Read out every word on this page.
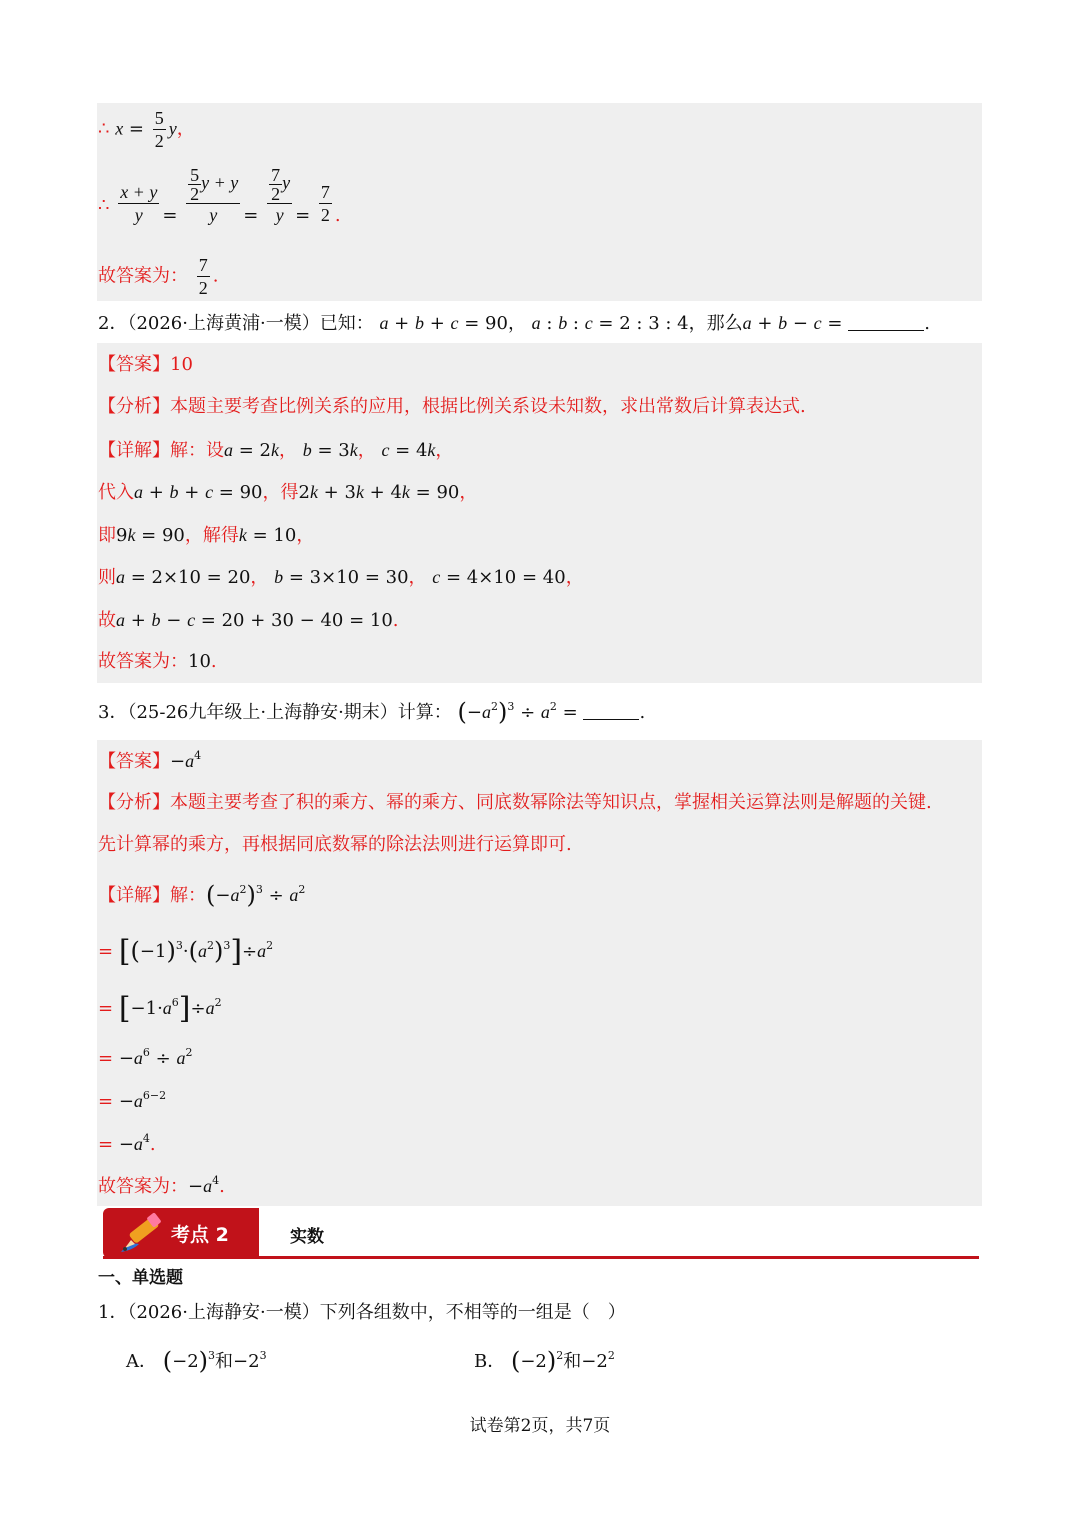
∴ $x = \frac{5}{2}$ y，
∴ $\frac{x + y}{y} = \frac{\frac{5}{2} y + y}{y} = \frac{\frac{7}{2} y}{y} = \frac{7}{2}$ .
故答案为： $\frac{7}{2}$ .
2．（2026·上海黄浦·一模）已知： a + b + c = 90， a : b : c = 2 : 3 : 4，那么a + b − c =	.
【答案】10
【分析】本题主要考查比例关系的应用，根据比例关系设未知数，求出常数后计算表达式.
【详解】解：设a = 2k， b = 3k， c = 4k，
代入a + b + c = 90，得2k + 3k + 4k = 90，
即9k = 90，解得k = 10，
则a = 2×10 = 20， b = 3×10 = 30， c = 4×10 = 40，
故a + b − c = 20 + 30 − 40 = 10.
故答案为：10.
3．（25-26九年级上·上海静安·期末）计算： $(-a^2)^3 \div a^2$ =	.
【答案】$-a^4$
【分析】本题主要考查了积的乘方、幂的乘方、同底数幂除法等知识点，掌握相关运算法则是解题的关键.
先计算幂的乘方，再根据同底数幂的除法法则进行运算即可.
【详解】解：$(-a^2)^3 \div a^2$
= $[(-1)^3\cdot(a^2)^3]\div a^2$
= $[-1\cdot a^6]\div a^2$
= $-a^6 \div a^2$
= $-a^{6-2}$
= $-a^4$.
故答案为：$-a^4$.
考点 2	实数
一、单选题
1．（2026·上海静安·一模）下列各组数中，不相等的一组是（　）
A． $(-2)^3$和$-2^3$	B． $(-2)^2$和$-2^2$
试卷第2页，共7页
